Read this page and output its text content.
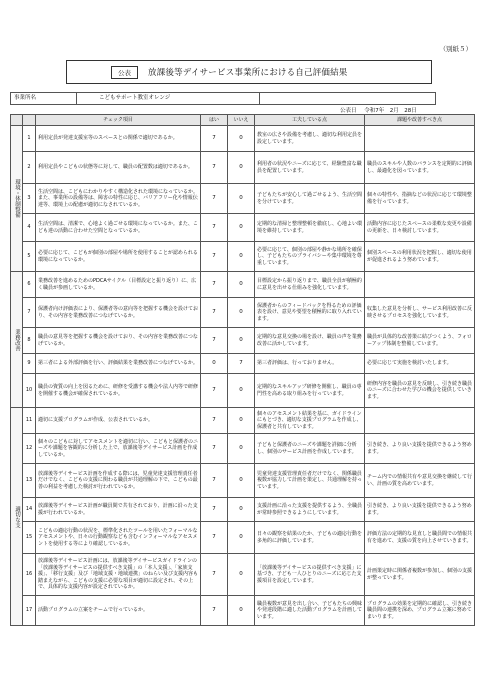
（別紙５）
公表	放課後等デイサービス事業所における自己評価結果
事業所名	こどもサポート教室オレンジ
公表日 令和7年　2月　28日
		チェック項目	はい	いいえ	工夫している点	課題や改善すべき点
環境・体制整備	1	利用定員が発達支援室等のスペースとの関係で適切であるか。	7	0	教室の広さや設備を考慮し、適切な利用定員を設定しています。	
	2	利用定員やこどもの状態等に対して、職員の配置数は適切であるか。	7	0	利用者の状況やニーズに応じて、経験豊富な職員を配置しています。	職員のスキルや人数のバランスを定期的に評価し、最適化を図っています。
	3	生活空間は、こどもにわかりやすく構造化された環境になっているか。また、事業所の設備等は、障害の特性に応じ、バリアフリー化や情報伝達等、環境上の配慮が適切になされているか。	7	0	子どもたちが安心して過ごせるよう、生活空間を分けています。	個々の特性や、指摘などの状況に応じて環境整備を行っています。
	4	生活空間は、清潔で、心地よく過ごせる環境になっているか。また、こども達の活動に合わせた空間となっているか。	7	0	定期的な清掃と整理整頓を徹底し、心地よい環境を維持しています。	活動内容に応じたスペースの柔軟な変更や設備の更新を、日々検討しています。
	5	必要に応じて、こどもが個別の部屋や場所を使用することが認められる環境になっているか。	7	0	必要に応じて、個別の部屋や静かな場所を確保し、子どもたちのプライバシーや集中環境を尊重しています。	個別スペースの利用状況を把握し、適切な使用が促進されるよう努めています。
業務改善	6	業務改善を進めるためのPDCAサイクル（目標設定と振り返り）に、広く職員が参画しているか。	7	0	目標設定から振り返りまで、職員全員が積極的に意見を出せる仕組みを強化しています。	
	7	保護者向け評価表により、保護者等の意向等を把握する機会を設けており、その内容を業務改善につなげているか。	7	0	保護者からのフィードバックを得るための評価表を設け、意見や要望を積極的に取り入れています。	収集した意見を分析し、サービス利用改善に反映させるプロセスを強化しています。
	8	職員の意見等を把握する機会を設けており、その内容を業務改善につなげているか。	7	0	定期的な意見交換の場を設け、職員の声を業務改善に活かしています。	職員が具体的な改善策に結びつくよう、フォローアップ体制を整備しています。
	9	第三者による外部評価を行い、評価結果を業務改善につなげているか。	0	7	第三者評価は、行っておりません。	必要に応じて実施を検討いたします。
	10	職員の資質の向上を図るために、研修を受講する機会や法人内等で研修を開催する機会が確保されているか。	7	0	定期的なスキルアップ研修を開催し、職員の専門性を高める取り組みを行っています。	研修内容を職員の意見を反映し、引き続き職員のニーズに合わせた学びの機会を提供していきます。
適切な支	11	適切に支援プログラムが作成、公表されているか。	7	0	個々のアセスメント結果を基に、ガイドラインにもとづき、適切な支援プログラムを作成し、保護者と共有しています。	
	12	個々のこどもに対してアセスメントを適切に行い、こどもと保護者のニーズや課題を客観的に分析した上で、放課後等デイサービス計画を作成しているか。	7	0	子どもと保護者のニーズや課題を詳細に分析し、個別のサービス計画を作成しています。	引き続き、より良い支援を提供できるよう努めます。
	13	放課後等デイサービス計画を作成する際には、児童発達支援管理責任者だけでなく、こどもの支援に関わる職員が共通理解の下で、こどもの最善の利益を考慮した検討が行われているか。	7	0	児童発達支援管理責任者だけでなく、関係職員複数が協力して計画を策定し、共通理解を持っています。	チーム内での情報共有や意見交換を継続して行い、計画の質を高めています。
	14	放課後等デイサービス計画が職員間で共有されており、計画に沿った支援が行われているか。	7	0	支援計画に沿った支援を提供するよう、全職員が常時参照できるようにしています。	引き続き、より良い支援を提供できるよう努めます。
	15	こどもの適応行動の状況を、標準化されたツールを用いたフォーマルなアセスメントや、日々の行動観察なども含むインフォーマルなアセスメントを使用する等により確認しているか。	7	0	日々の観察を結果のたか、子どもの適応行動を多角的に評価しています。	評価方法の定期的な見直しと職員間での情報共有を進めて、支援の質を向上させていきます。
	16	放課後等デイサービス計画には、放課後等デイサービスガイドラインの「放課後等デイサービスの提供すべき支援」の「本人支援」、「家族支援」、「移行支援」及び「地域支援・地域連携」のねらい及び支援内容も踏まえながら、こどもの支援に必要な項目が適切に設定され、その上で、具体的な支援内容が設定されているか。	7	0	「放課後等デイサービスの提供すべき支援」に基づき、子ども一人ひとりのニーズに応じた支援項目を設定しています。	計画策定時に関係者複数が参加し、個別の支援が整っています。
	17	活動プログラムの立案をチームで行っているか。	7	0	職員複数が意見を出し合い、子どもたちの興味や発達段階に適した活動プログラムを計画しています。	プログラムの効果を定期的に確認し、引き続き職員間の連携を深め、プログラム立案に努めてまいります。
